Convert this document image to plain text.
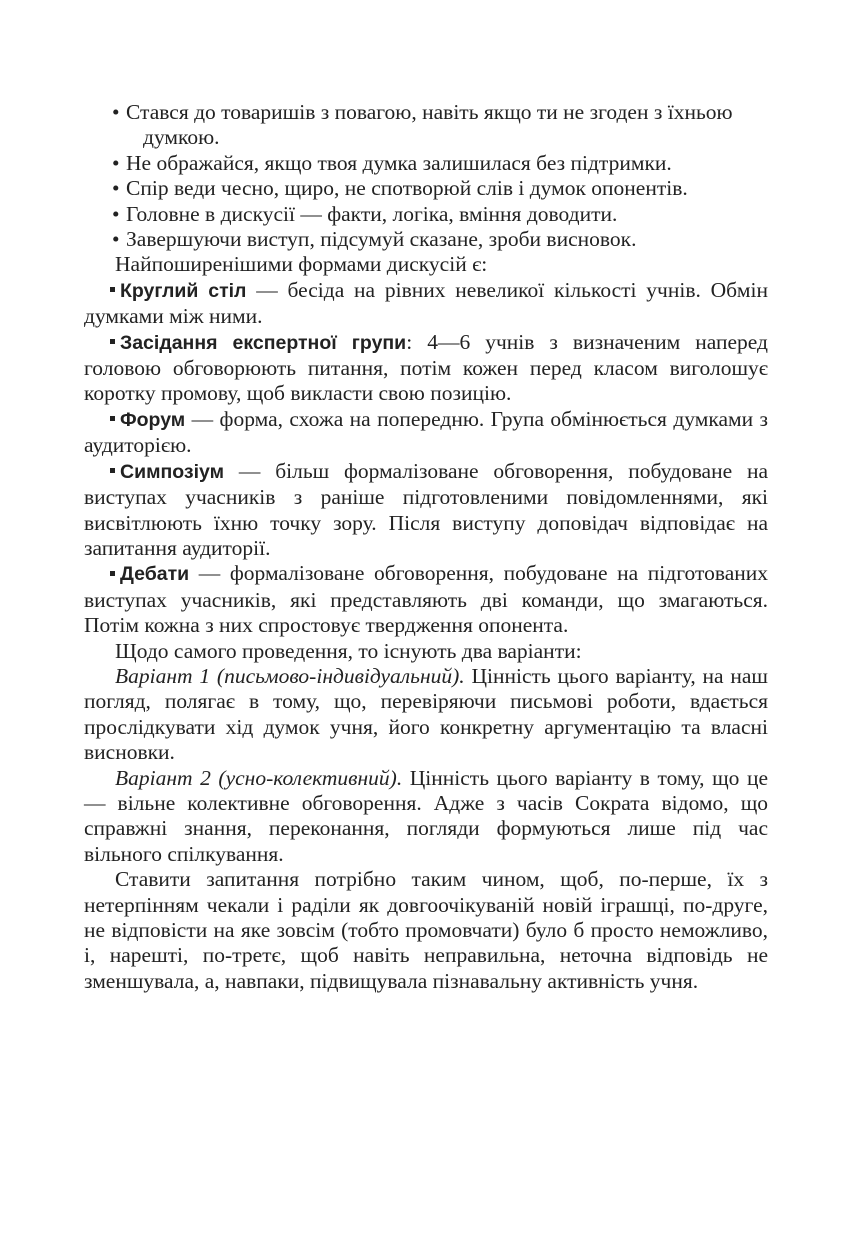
• Стався до товаришів з повагою, навіть якщо ти не згоден з їхньою
думкою.
• Не ображайся, якщо твоя думка залишилася без підтримки.
• Спір веди чесно, щиро, не спотворюй слів і думок опонентів.
• Головне в дискусії — факти, логіка, вміння доводити.
• Завершуючи виступ, підсумуй сказане, зроби висновок.
Найпоширенішими формами дискусій є:
Круглий стіл — бесіда на рівних невеликої кількості учнів. Обмін думками між ними.
Засідання експертної групи: 4—6 учнів з визначеним наперед головою обговорюють питання, потім кожен перед класом виголошує коротку промову, щоб викласти свою позицію.
Форум — форма, схожа на попередню. Група обмінюється думками з аудиторією.
Симпозіум — більш формалізоване обговорення, побудоване на виступах учасників з раніше підготовленими повідомленнями, які висвітлюють їхню точку зору. Після виступу доповідач відповідає на запитання аудиторії.
Дебати — формалізоване обговорення, побудоване на підготованих виступах учасників, які представляють дві команди, що змагаються. Потім кожна з них спростовує твердження опонента.
Щодо самого проведення, то існують два варіанти:
Варіант 1 (письмово-індивідуальний). Цінність цього варіанту, на наш погляд, полягає в тому, що, перевіряючи письмові роботи, вдається прослідкувати хід думок учня, його конкретну аргументацію та власні висновки.
Варіант 2 (усно-колективний). Цінність цього варіанту в тому, що це — вільне колективне обговорення. Адже з часів Сократа відомо, що справжні знання, переконання, погляди формуються лише під час вільного спілкування.
Ставити запитання потрібно таким чином, щоб, по-перше, їх з нетерпінням чекали і раділи як довгоочікуваній новій іграшці, по-друге, не відповісти на яке зовсім (тобто промовчати) було б просто неможливо, і, нарешті, по-третє, щоб навіть неправильна, неточна відповідь не зменшувала, а, навпаки, підвищувала пізнавальну активність учня.
